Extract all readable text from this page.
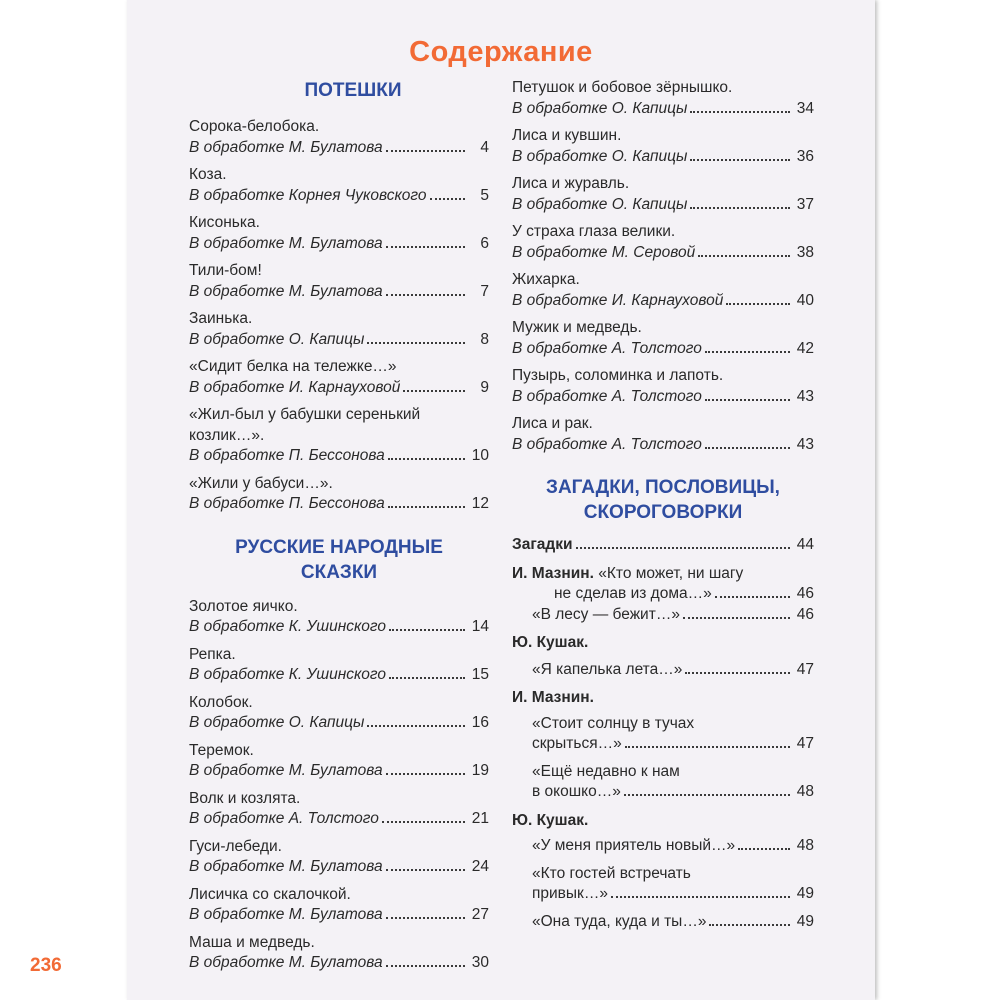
Содержание
ПОТЕШКИ
Сорока-белобока.
В обработке М. Булатова	4
Коза.
В обработке Корнея Чуковского	5
Кисонька.
В обработке М. Булатова	6
Тили-бом!
В обработке М. Булатова	7
Заинька.
В обработке О. Капицы	8
«Сидит белка на тележке…»
В обработке И. Карнауховой	9
«Жил-был у бабушки серенький
козлик…».
В обработке П. Бессонова	10
«Жили у бабуси…».
В обработке П. Бессонова	12
РУССКИЕ НАРОДНЫЕ
СКАЗКИ
Золотое яичко.
В обработке К. Ушинского	14
Репка.
В обработке К. Ушинского	15
Колобок.
В обработке О. Капицы	16
Теремок.
В обработке М. Булатова	19
Волк и козлята.
В обработке А. Толстого	21
Гуси-лебеди.
В обработке М. Булатова	24
Лисичка со скалочкой.
В обработке М. Булатова	27
Маша и медведь.
В обработке М. Булатова	30
Петушок и бобовое зёрнышко.
В обработке О. Капицы	34
Лиса и кувшин.
В обработке О. Капицы	36
Лиса и журавль.
В обработке О. Капицы	37
У страха глаза велики.
В обработке М. Серовой	38
Жихарка.
В обработке И. Карнауховой	40
Мужик и медведь.
В обработке А. Толстого	42
Пузырь, соломинка и лапоть.
В обработке А. Толстого	43
Лиса и рак.
В обработке А. Толстого	43
ЗАГАДКИ, ПОСЛОВИЦЫ,
СКОРОГОВОРКИ
Загадки	44
И. Мазнин.
«Кто может, ни шагу
не сделав из дома…»	46
«В лесу — бежит…»	46
Ю. Кушак.
«Я капелька лета…»	47
И. Мазнин.
«Стоит солнцу в тучах
скрыться…»	47
«Ещё недавно к нам
в окошко…»	48
Ю. Кушак.
«У меня приятель новый…»	48
«Кто гостей встречать
привык…»	49
«Она туда, куда и ты…»	49
236
